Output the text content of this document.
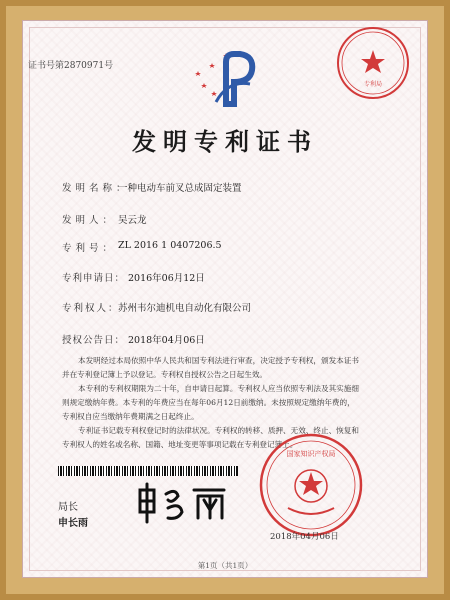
证书号第2870971号
专利局
发明专利证书
发明名称：
一种电动车前叉总成固定装置
发明人： 吴云龙
专利号： ZL 2016 1 0407206.5
专利申请日： 2016年06月12日
专利权人：
苏州韦尔迪机电自动化有限公司
授权公告日： 2018年04月06日

本发明经过本局依照中华人民共和国专利法进行审查，决定授予专利权，颁发本证书

并在专利登记簿上予以登记。专利权自授权公告之日起生效。

本专利的专利权期限为二十年，自申请日起算。专利权人应当依照专利法及其实施细

则规定缴纳年费。本专利的年费应当在每年06月12日前缴纳。未按照规定缴纳年费的，

专利权自应当缴纳年费期满之日起终止。

专利证书记载专利权登记时的法律状况。专利权的转移、质押、无效、终止、恢复和

专利权人的姓名或名称、国籍、地址变更等事项记载在专利登记簿上。

局长
申长雨
国家知识产权局
2018年04月06日
第1页（共1页）
